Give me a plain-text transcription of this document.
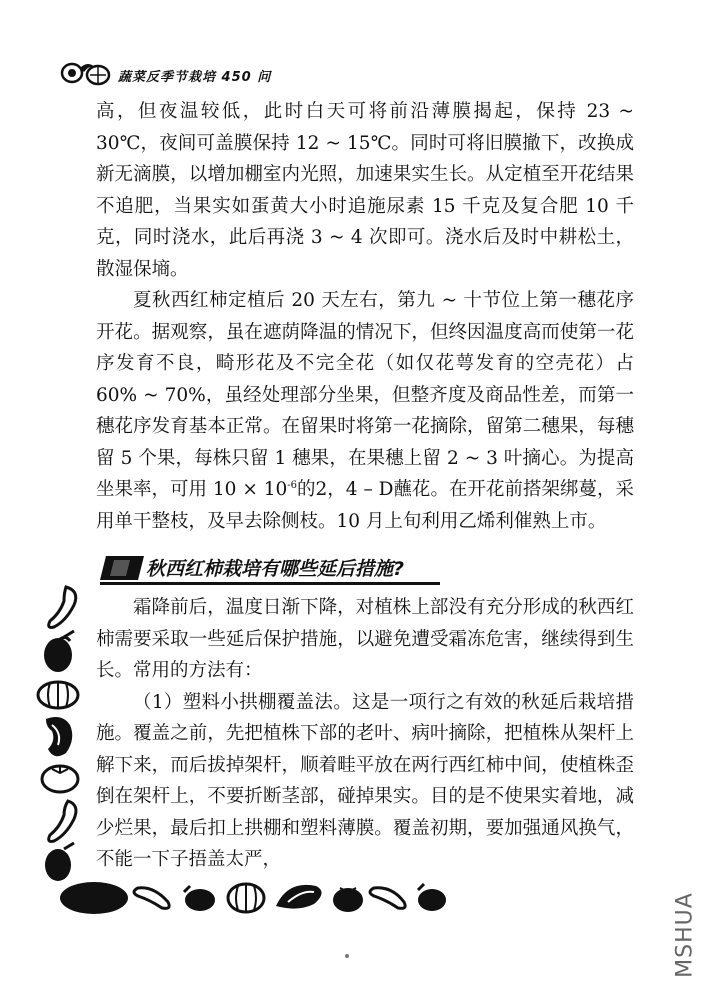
蔬菜反季节栽培 450 问

高，但夜温较低，此时白天可将前沿薄膜揭起，保持 23 ~ 30℃，夜间可盖膜保持 12 ~ 15℃。同时可将旧膜撤下，改换成新无滴膜，以增加棚室内光照，加速果实生长。从定植至开花结果不追肥，当果实如蛋黄大小时追施尿素 15 千克及复合肥 10 千克，同时浇水，此后再浇 3 ~ 4 次即可。浇水后及时中耕松土，散湿保墒。

夏秋西红柿定植后 20 天左右，第九 ~ 十节位上第一穗花序开花。据观察，虽在遮荫降温的情况下，但终因温度高而使第一花序发育不良，畸形花及不完全花（如仅花萼发育的空壳花）占 60% ~ 70%，虽经处理部分坐果，但整齐度及商品性差，而第一穗花序发育基本正常。在留果时将第一花摘除，留第二穗果，每穗留 5 个果，每株只留 1 穗果，在果穗上留 2 ~ 3 叶摘心。为提高坐果率，可用 $10 \times 10^{-6}$的2，4 – D蘸花。在开花前搭架绑蔓，采用单干整枝，及早去除侧枝。10 月上旬利用乙烯利催熟上市。

秋西红柿栽培有哪些延后措施?

霜降前后，温度日渐下降，对植株上部没有充分形成的秋西红柿需要采取一些延后保护措施，以避免遭受霜冻危害，继续得到生长。常用的方法有：

（1）塑料小拱棚覆盖法。这是一项行之有效的秋延后栽培措施。覆盖之前，先把植株下部的老叶、病叶摘除，把植株从架杆上解下来，而后拔掉架杆，顺着畦平放在两行西红柿中间，使植株歪倒在架杆上，不要折断茎部，碰掉果实。目的是不使果实着地，减少烂果，最后扣上拱棚和塑料薄膜。覆盖初期，要加强通风换气，不能一下子捂盖太严，

MSHUA
